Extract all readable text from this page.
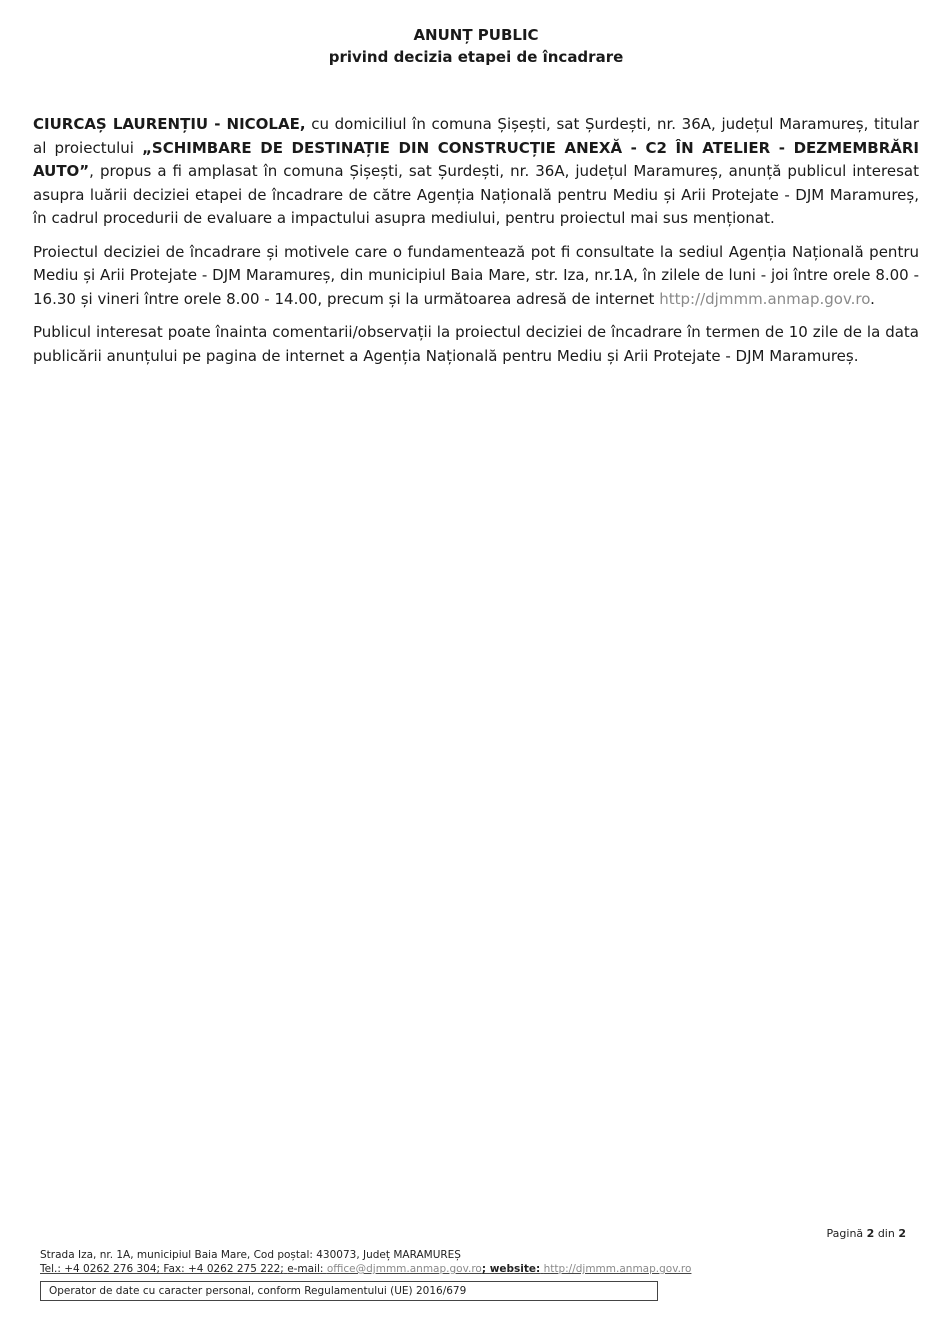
ANUNȚ PUBLIC
privind decizia etapei de încadrare

CIURCAȘ LAURENȚIU - NICOLAE, cu domiciliul în comuna Șișești, sat Șurdești, nr. 36A, județul Maramureș, titular al proiectului „SCHIMBARE DE DESTINAȚIE DIN CONSTRUCȚIE ANEXĂ - C2 ÎN ATELIER - DEZMEMBRĂRI AUTO”, propus a fi amplasat în comuna Șișești, sat Șurdești, nr. 36A, județul Maramureș, anunță publicul interesat asupra luării deciziei etapei de încadrare de către Agenția Națională pentru Mediu și Arii Protejate - DJM Maramureș, în cadrul procedurii de evaluare a impactului asupra mediului, pentru proiectul mai sus menționat.

Proiectul deciziei de încadrare și motivele care o fundamentează pot fi consultate la sediul Agenția Națională pentru Mediu și Arii Protejate - DJM Maramureș, din municipiul Baia Mare, str. Iza, nr.1A, în zilele de luni - joi între orele 8.00 - 16.30 și vineri între orele 8.00 - 14.00, precum și la următoarea adresă de internet http://djmmm.anmap.gov.ro.

Publicul interesat poate înainta comentarii/observații la proiectul deciziei de încadrare în termen de 10 zile de la data publicării anunțului pe pagina de internet a Agenția Națională pentru Mediu și Arii Protejate - DJM Maramureș.

Pagină 2 din 2
Strada Iza, nr. 1A, municipiul Baia Mare, Cod poștal: 430073, Județ MARAMUREȘ
Tel.: +4 0262 276 304; Fax: +4 0262 275 222; e-mail: office@djmmm.anmap.gov.ro; website: http://djmmm.anmap.gov.ro
Operator de date cu caracter personal, conform Regulamentului (UE) 2016/679
